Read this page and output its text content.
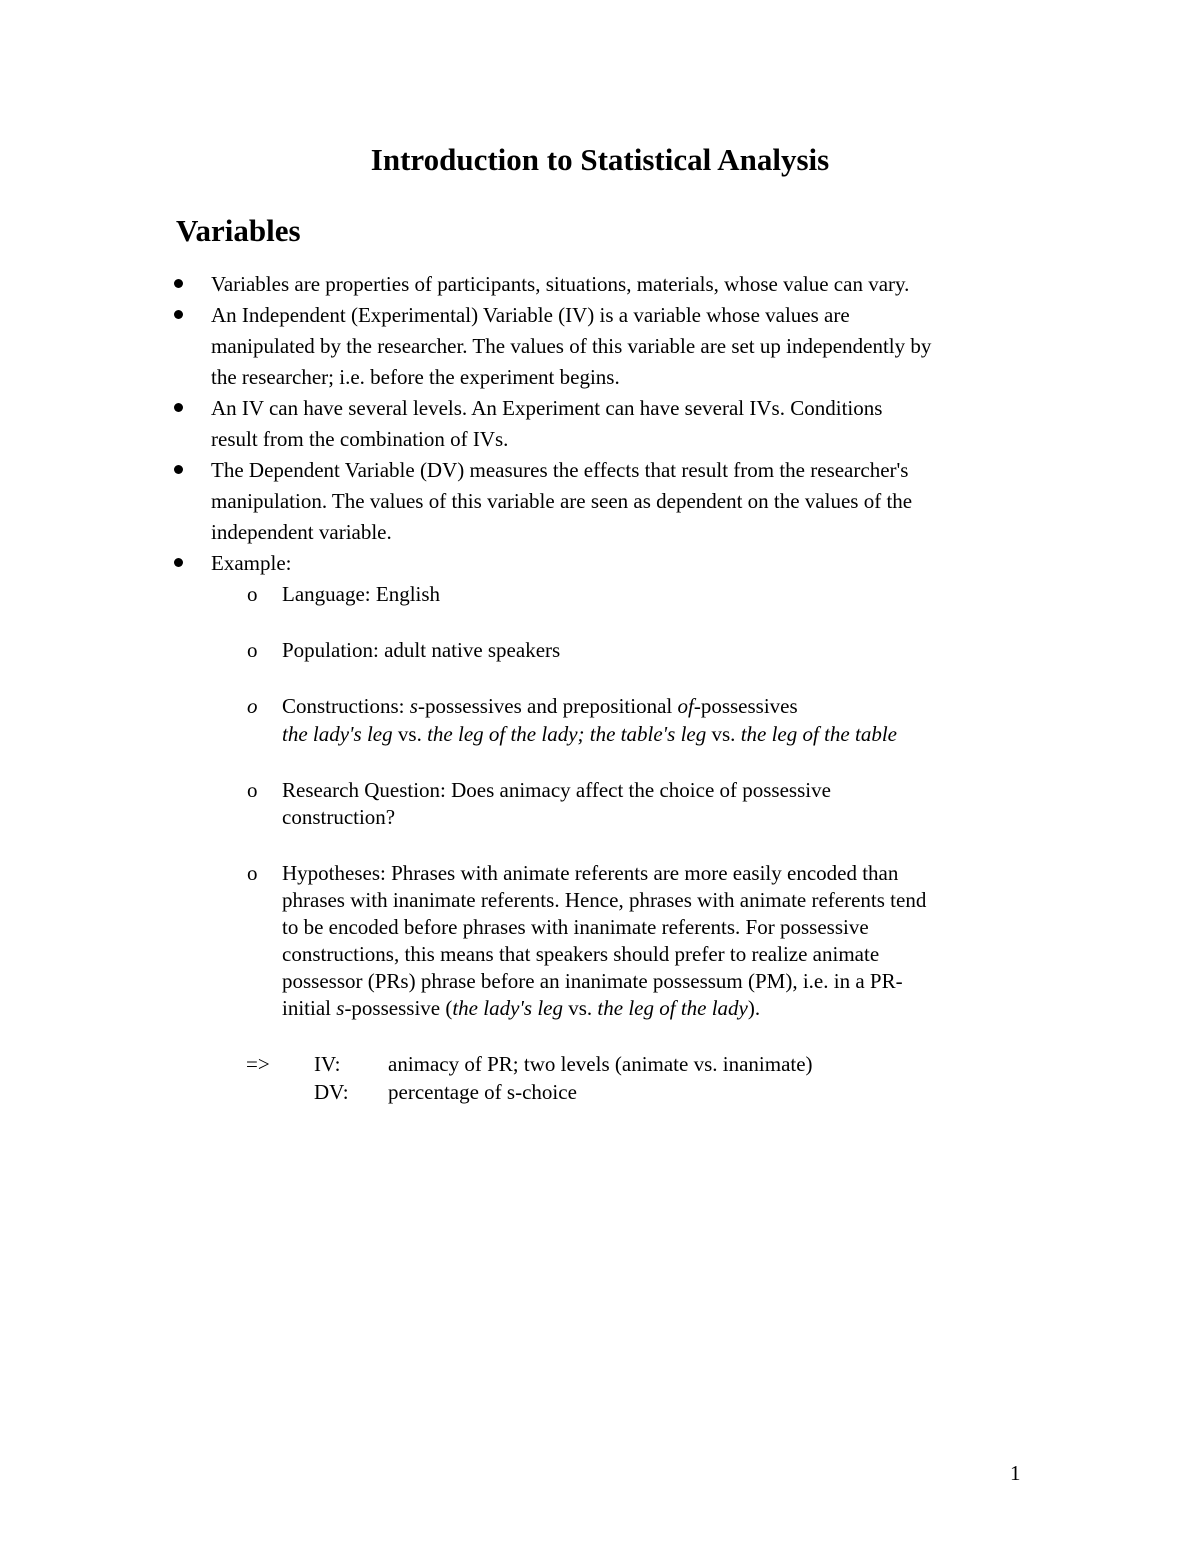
Introduction to Statistical Analysis
Variables
Variables are properties of participants, situations, materials, whose value can vary.
An Independent (Experimental) Variable (IV) is a variable whose values are
manipulated by the researcher. The values of this variable are set up independently by
the researcher; i.e. before the experiment begins.
An IV can have several levels. An Experiment can have several IVs. Conditions
result from the combination of IVs.
The Dependent Variable (DV) measures the effects that result from the researcher's
manipulation. The values of this variable are seen as dependent on the values of the
independent variable.
Example:
o Language: English
o Population: adult native speakers
o Constructions: s-possessives and prepositional of-possessives
the lady's leg vs. the leg of the lady; the table's leg vs. the leg of the table
o Research Question: Does animacy affect the choice of possessive
construction?
o Hypotheses: Phrases with animate referents are more easily encoded than
phrases with inanimate referents. Hence, phrases with animate referents tend
to be encoded before phrases with inanimate referents. For possessive
constructions, this means that speakers should prefer to realize animate
possessor (PRs) phrase before an inanimate possessum (PM), i.e. in a PR-
initial s-possessive (the lady's leg vs. the leg of the lady).
=> IV: animacy of PR; two levels (animate vs. inanimate)
DV: percentage of s-choice
1
